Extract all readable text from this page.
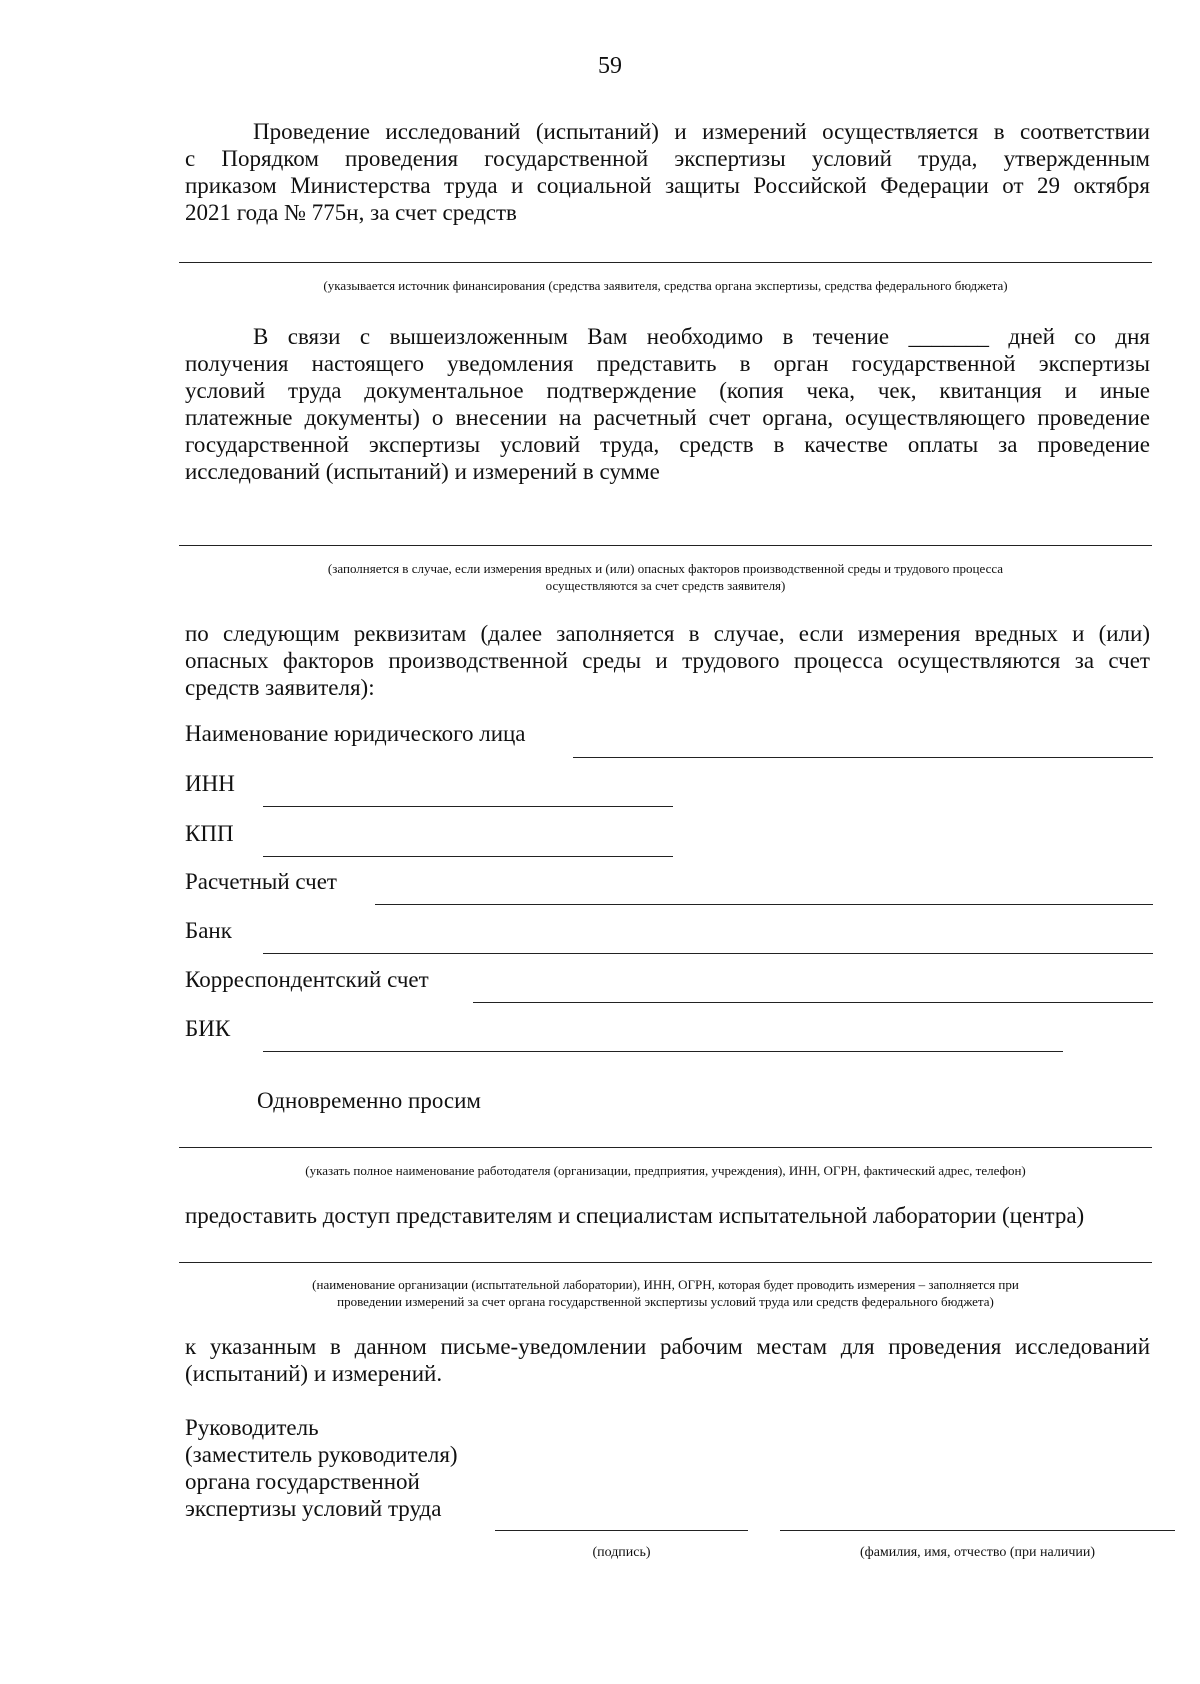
59
Проведение исследований (испытаний) и измерений осуществляется в соответствии
с Порядком проведения государственной экспертизы условий труда, утвержденным
приказом Министерства труда и социальной защиты Российской Федерации от 29 октября
2021 года № 775н, за счет средств
(указывается источник финансирования (средства заявителя, средства органа экспертизы, средства федерального бюджета)
В связи с вышеизложенным Вам необходимо в течение _______ дней со дня
получения настоящего уведомления представить в орган государственной экспертизы
условий труда документальное подтверждение (копия чека, чек, квитанция и иные
платежные документы) о внесении на расчетный счет органа, осуществляющего проведение
государственной экспертизы условий труда, средств в качестве оплаты за проведение
исследований (испытаний) и измерений в сумме
(заполняется в случае, если измерения вредных и (или) опасных факторов производственной среды и трудового процесса
осуществляются за счет средств заявителя)
по следующим реквизитам (далее заполняется в случае, если измерения вредных и (или)
опасных факторов производственной среды и трудового процесса осуществляются за счет
средств заявителя):
Наименование юридического лица
ИНН
КПП
Расчетный счет
Банк
Корреспондентский счет
БИК
Одновременно просим
(указать полное наименование работодателя (организации, предприятия, учреждения), ИНН, ОГРН, фактический адрес, телефон)
предоставить доступ представителям и специалистам испытательной лаборатории (центра)
(наименование организации (испытательной лаборатории), ИНН, ОГРН, которая будет проводить измерения – заполняется при
проведении измерений за счет органа государственной экспертизы условий труда или средств федерального бюджета)
к указанным в данном письме-уведомлении рабочим местам для проведения исследований
(испытаний) и измерений.
Руководитель
(заместитель руководителя)
органа государственной
экспертизы условий труда
(подпись)	(фамилия, имя, отчество (при наличии)
